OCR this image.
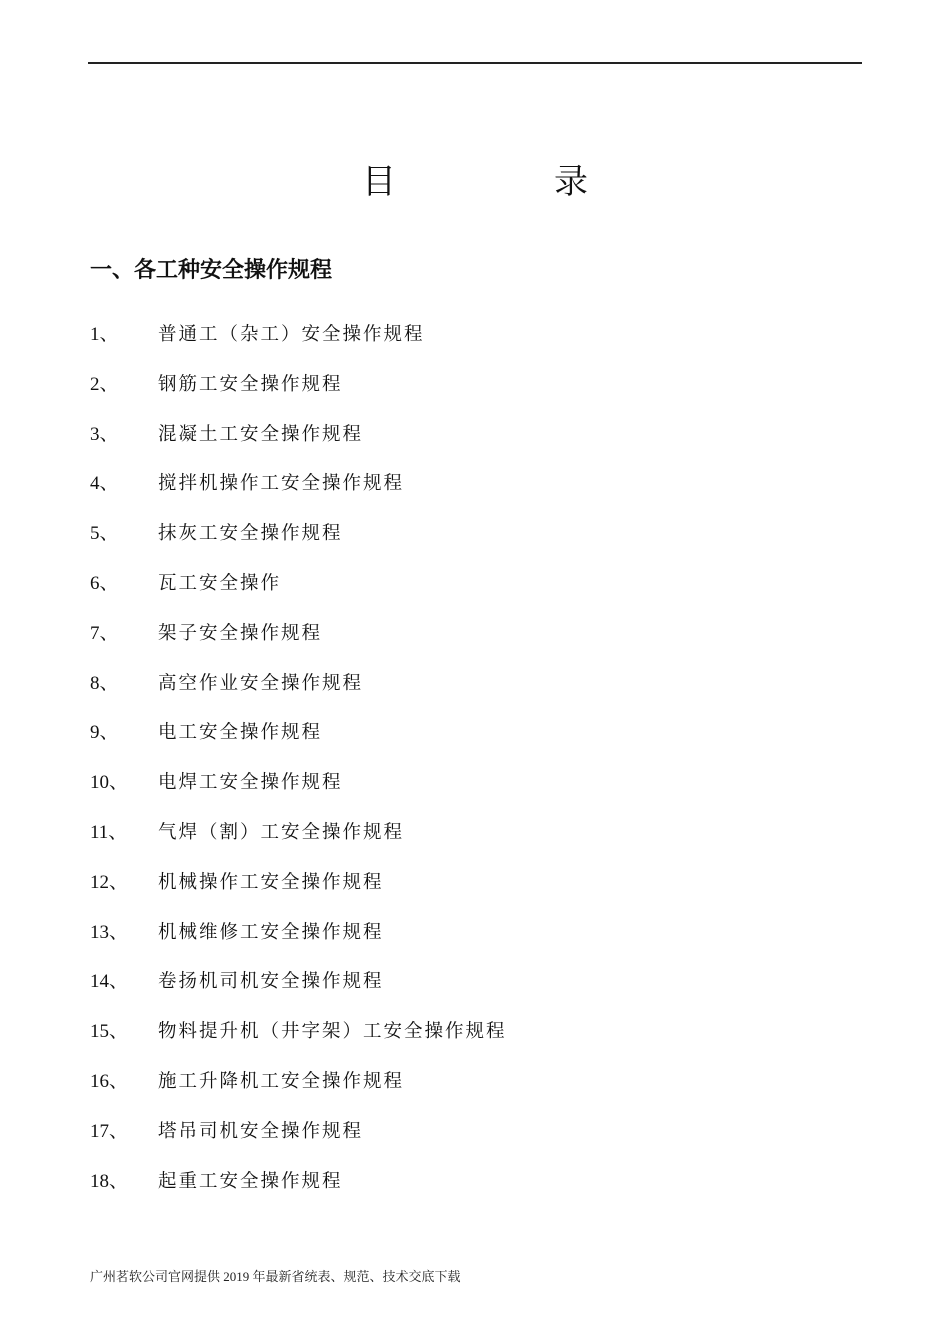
目　录
一、各工种安全操作规程
1、	普通工（杂工）安全操作规程
2、	钢筋工安全操作规程
3、	混凝土工安全操作规程
4、	搅拌机操作工安全操作规程
5、	抹灰工安全操作规程
6、	瓦工安全操作
7、	架子安全操作规程
8、	高空作业安全操作规程
9、	电工安全操作规程
10、	电焊工安全操作规程
11、	气焊（割）工安全操作规程
12、	机械操作工安全操作规程
13、	机械维修工安全操作规程
14、	卷扬机司机安全操作规程
15、	物料提升机（井字架）工安全操作规程
16、	施工升降机工安全操作规程
17、	塔吊司机安全操作规程
18、	起重工安全操作规程
广州茗软公司官网提供 2019 年最新省统表、规范、技术交底下载
